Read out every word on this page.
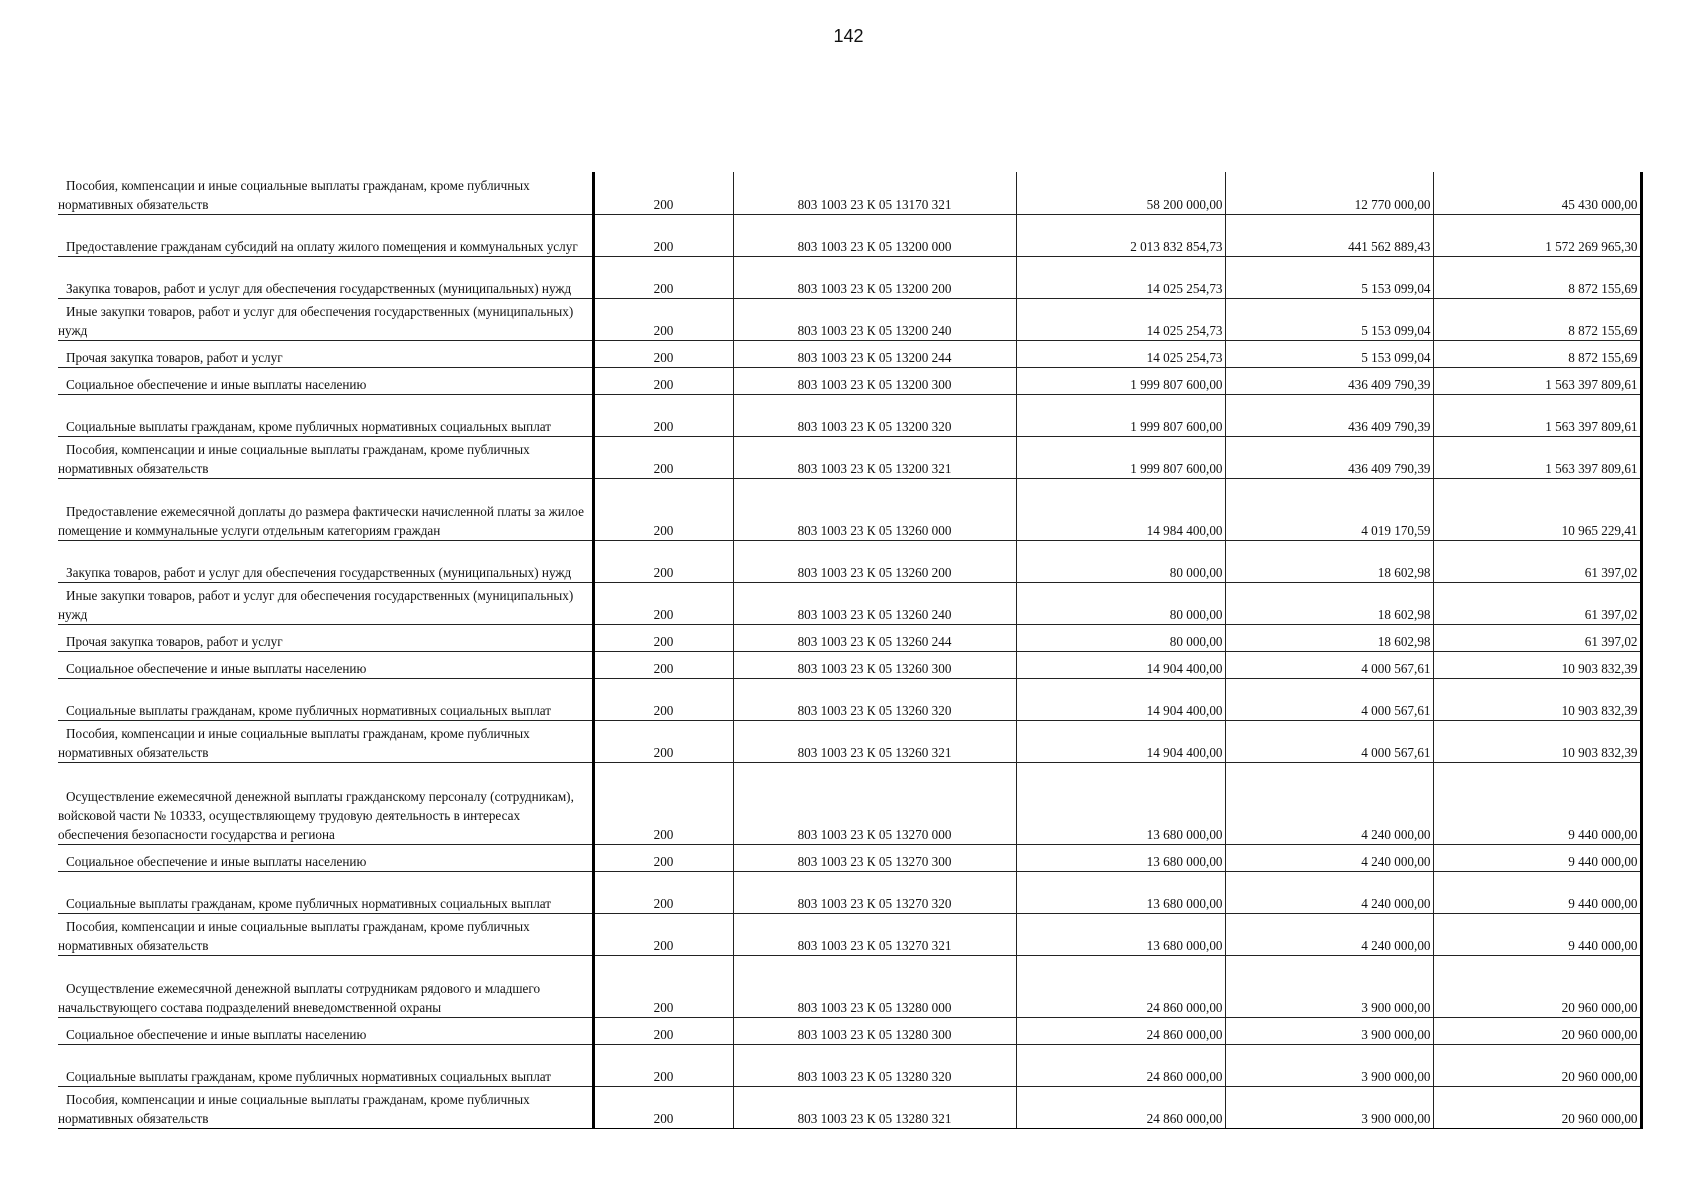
142
Пособия, компенсации и иные социальные выплаты гражданам, кроме публичных нормативных обязательств	200	803 1003 23 К 05 13170 321	58 200 000,00	12 770 000,00	45 430 000,00
Предоставление гражданам субсидий на оплату жилого помещения и коммунальных услуг	200	803 1003 23 К 05 13200 000	2 013 832 854,73	441 562 889,43	1 572 269 965,30
Закупка товаров, работ и услуг для обеспечения государственных (муниципальных) нужд	200	803 1003 23 К 05 13200 200	14 025 254,73	5 153 099,04	8 872 155,69
Иные закупки товаров, работ и услуг для обеспечения государственных (муниципальных) нужд	200	803 1003 23 К 05 13200 240	14 025 254,73	5 153 099,04	8 872 155,69
Прочая закупка товаров, работ и услуг	200	803 1003 23 К 05 13200 244	14 025 254,73	5 153 099,04	8 872 155,69
Социальное обеспечение и иные выплаты населению	200	803 1003 23 К 05 13200 300	1 999 807 600,00	436 409 790,39	1 563 397 809,61
Социальные выплаты гражданам, кроме публичных нормативных социальных выплат	200	803 1003 23 К 05 13200 320	1 999 807 600,00	436 409 790,39	1 563 397 809,61
Пособия, компенсации и иные социальные выплаты гражданам, кроме публичных нормативных обязательств	200	803 1003 23 К 05 13200 321	1 999 807 600,00	436 409 790,39	1 563 397 809,61
Предоставление ежемесячной доплаты до размера фактически начисленной платы за жилое помещение и коммунальные услуги отдельным категориям граждан	200	803 1003 23 К 05 13260 000	14 984 400,00	4 019 170,59	10 965 229,41
Закупка товаров, работ и услуг для обеспечения государственных (муниципальных) нужд	200	803 1003 23 К 05 13260 200	80 000,00	18 602,98	61 397,02
Иные закупки товаров, работ и услуг для обеспечения государственных (муниципальных) нужд	200	803 1003 23 К 05 13260 240	80 000,00	18 602,98	61 397,02
Прочая закупка товаров, работ и услуг	200	803 1003 23 К 05 13260 244	80 000,00	18 602,98	61 397,02
Социальное обеспечение и иные выплаты населению	200	803 1003 23 К 05 13260 300	14 904 400,00	4 000 567,61	10 903 832,39
Социальные выплаты гражданам, кроме публичных нормативных социальных выплат	200	803 1003 23 К 05 13260 320	14 904 400,00	4 000 567,61	10 903 832,39
Пособия, компенсации и иные социальные выплаты гражданам, кроме публичных нормативных обязательств	200	803 1003 23 К 05 13260 321	14 904 400,00	4 000 567,61	10 903 832,39
Осуществление ежемесячной денежной выплаты гражданскому персоналу (сотрудникам), войсковой части № 10333, осуществляющему трудовую деятельность в интересах обеспечения безопасности государства и региона	200	803 1003 23 К 05 13270 000	13 680 000,00	4 240 000,00	9 440 000,00
Социальное обеспечение и иные выплаты населению	200	803 1003 23 К 05 13270 300	13 680 000,00	4 240 000,00	9 440 000,00
Социальные выплаты гражданам, кроме публичных нормативных социальных выплат	200	803 1003 23 К 05 13270 320	13 680 000,00	4 240 000,00	9 440 000,00
Пособия, компенсации и иные социальные выплаты гражданам, кроме публичных нормативных обязательств	200	803 1003 23 К 05 13270 321	13 680 000,00	4 240 000,00	9 440 000,00
Осуществление ежемесячной денежной выплаты сотрудникам рядового и младшего начальствующего состава подразделений вневедомственной охраны	200	803 1003 23 К 05 13280 000	24 860 000,00	3 900 000,00	20 960 000,00
Социальное обеспечение и иные выплаты населению	200	803 1003 23 К 05 13280 300	24 860 000,00	3 900 000,00	20 960 000,00
Социальные выплаты гражданам, кроме публичных нормативных социальных выплат	200	803 1003 23 К 05 13280 320	24 860 000,00	3 900 000,00	20 960 000,00
Пособия, компенсации и иные социальные выплаты гражданам, кроме публичных нормативных обязательств	200	803 1003 23 К 05 13280 321	24 860 000,00	3 900 000,00	20 960 000,00
